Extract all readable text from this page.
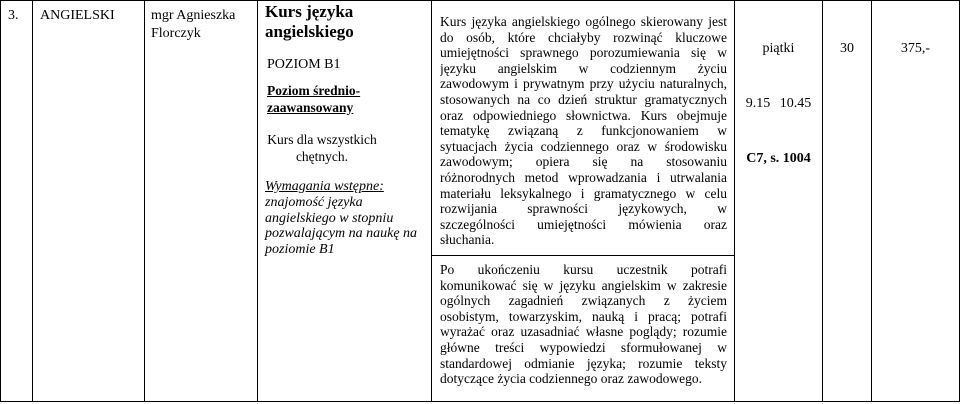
3. ANGIELSKI	mgr Agnieszka
Florczyk
Kurs języka
angielskiego
POZIOM B1
Poziom średnio-
zaawansowany
Kurs dla wszystkich
chętnych.
Wymagania wstępne:
znajomość języka
angielskiego w stopniu
pozwalającym na naukę na
poziomie B1
Kurs języka angielskiego ogólnego skierowany jest
do osób, które chciałyby rozwinąć kluczowe
umiejętności sprawnego porozumiewania się w
języku angielskim w codziennym życiu
zawodowym i prywatnym przy użyciu naturalnych,
stosowanych na co dzień struktur gramatycznych
oraz odpowiedniego słownictwa. Kurs obejmuje
tematykę związaną z funkcjonowaniem w
sytuacjach życia codziennego oraz w środowisku
zawodowym; opiera się na stosowaniu
różnorodnych metod wprowadzania i utrwalania
materiału leksykalnego i gramatycznego w celu
rozwijania sprawności językowych, w
szczególności umiejętności mówienia oraz
słuchania.
Po ukończeniu kursu uczestnik potrafi
komunikować się w języku angielskim w zakresie
ogólnych zagadnień związanych z życiem
osobistym, towarzyskim, nauką i pracą; potrafi
wyrażać oraz uzasadniać własne poglądy; rozumie
główne treści wypowiedzi sformułowanej w
standardowej odmianie języka; rozumie teksty
dotyczące życia codziennego oraz zawodowego.
piątki
9.15 10.45
C7, s. 1004
30	375,-
